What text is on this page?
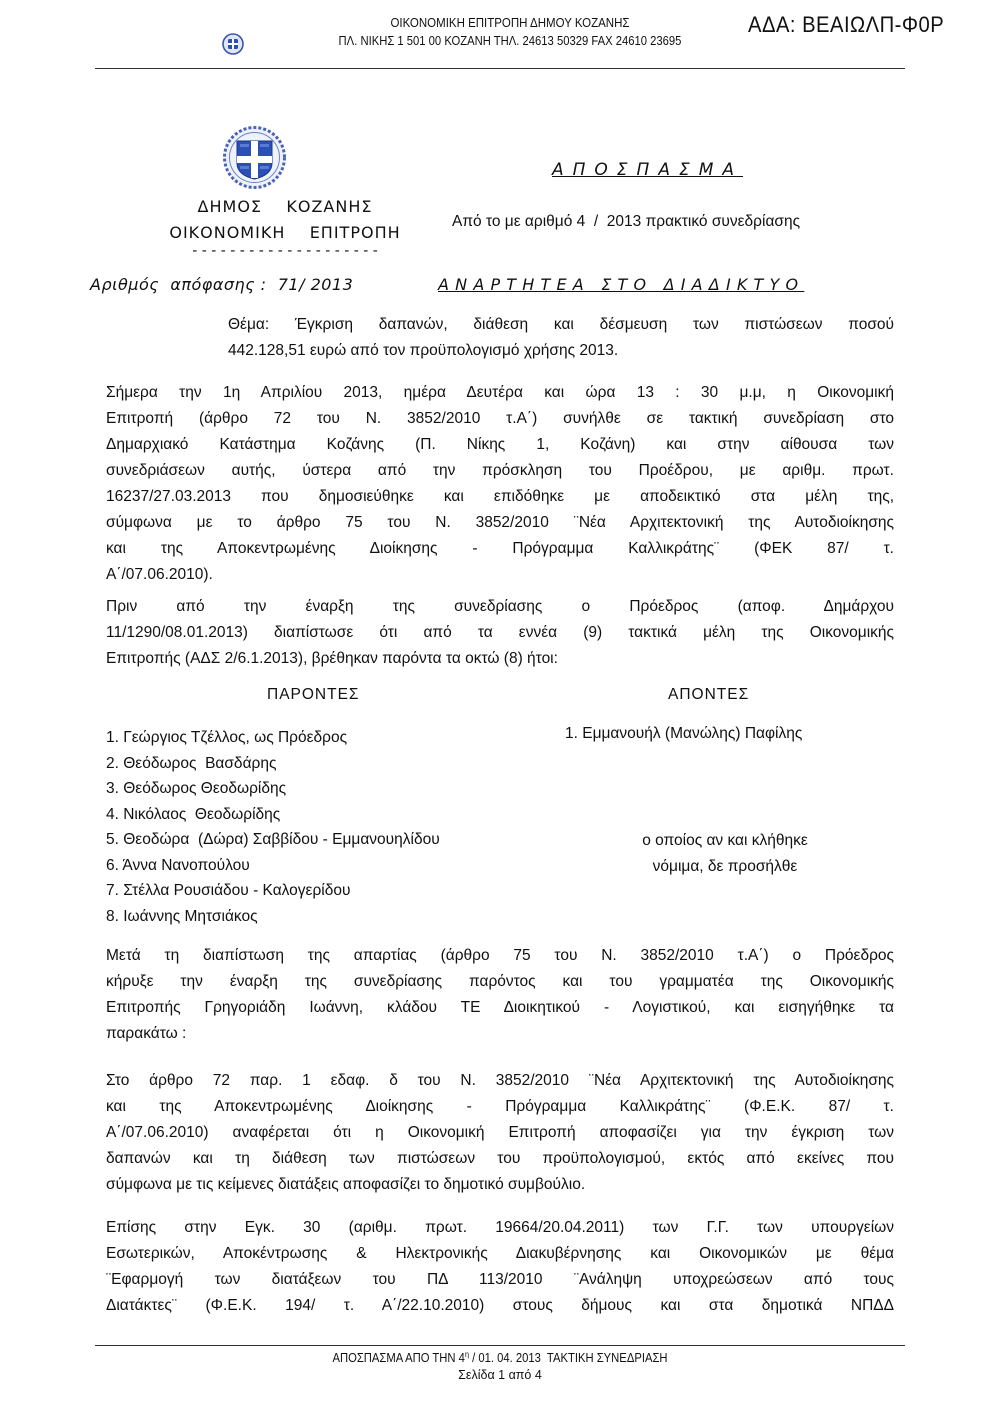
ΟΙΚΟΝΟΜΙΚΗ ΕΠΙΤΡΟΠΗ ΔΗΜΟΥ ΚΟΖΑΝΗΣ
ΠΛ. ΝΙΚΗΣ 1 501 00 ΚΟΖΑΝΗ ΤΗΛ. 24613 50329 FAX 24610 23695
ΑΔΑ: ΒΕΑΙΩΛΠ-Φ0Ρ
ΔΗΜΟΣ    ΚΟΖΑΝΗΣ
ΟΙΚΟΝΟΜΙΚΗ    ΕΠΙΤΡΟΠΗ
- - - - - - - - - - - - - - - - - - - -
Αριθμός  απόφασης :  71/ 2013
ΑΠΟΣΠΑΣΜΑ
Από το με αριθμό 4  /  2013 πρακτικό συνεδρίασης
ΑΝΑΡΤΗΤΕΑ ΣΤΟ ΔΙΑΔΙΚΤΥΟ
Θέμα: Έγκριση δαπανών, διάθεση και δέσμευση των πιστώσεων ποσού
442.128,51 ευρώ από τον προϋπολογισμό χρήσης 2013.
Σήμερα την 1η Απριλίου 2013, ημέρα Δευτέρα και ώρα 13 : 30 μ.μ, η Οικονομική
Επιτροπή (άρθρο 72 του Ν. 3852/2010 τ.Α΄) συνήλθε σε τακτική συνεδρίαση στο
Δημαρχιακό Κατάστημα Κοζάνης (Π. Νίκης 1, Κοζάνη) και στην αίθουσα των
συνεδριάσεων αυτής, ύστερα από την πρόσκληση του Προέδρου, με αριθμ. πρωτ.
16237/27.03.2013 που δημοσιεύθηκε και επιδόθηκε με αποδεικτικό στα μέλη της,
σύμφωνα με το άρθρο 75 του Ν. 3852/2010 ¨Νέα Αρχιτεκτονική της Αυτοδιοίκησης
και της Αποκεντρωμένης Διοίκησης - Πρόγραμμα Καλλικράτης¨ (ΦΕΚ 87/ τ.
Α΄/07.06.2010).
Πριν από την έναρξη της συνεδρίασης ο Πρόεδρος (αποφ. Δημάρχου
11/1290/08.01.2013) διαπίστωσε ότι από τα εννέα (9) τακτικά μέλη της Οικονομικής
Επιτροπής (ΑΔΣ 2/6.1.2013), βρέθηκαν παρόντα τα οκτώ (8) ήτοι:
ΠΑΡΟΝΤΕΣ	ΑΠΟΝΤΕΣ
1. Γεώργιος Τζέλλος, ως Πρόεδρος
2. Θεόδωρος  Βασδάρης
3. Θεόδωρος Θεοδωρίδης
4. Νικόλαος  Θεοδωρίδης
5. Θεοδώρα  (Δώρα) Σαββίδου - Εμμανουηλίδου
6. Άννα Νανοπούλου
7. Στέλλα Ρουσιάδου - Καλογερίδου
8. Ιωάννης Μητσιάκος
1. Εμμανουήλ (Μανώλης) Παφίλης
ο οποίος αν και κλήθηκε
νόμιμα, δε προσήλθε
Μετά τη διαπίστωση της απαρτίας (άρθρο 75 του Ν. 3852/2010 τ.Α΄) ο Πρόεδρος
κήρυξε την έναρξη της συνεδρίασης παρόντος και του γραμματέα της Οικονομικής
Επιτροπής Γρηγοριάδη Ιωάννη, κλάδου ΤΕ Διοικητικού - Λογιστικού, και εισηγήθηκε τα
παρακάτω :
Στο άρθρο 72 παρ. 1 εδαφ. δ του Ν. 3852/2010 ¨Νέα Αρχιτεκτονική της Αυτοδιοίκησης
και της Αποκεντρωμένης Διοίκησης - Πρόγραμμα Καλλικράτης¨ (Φ.Ε.Κ. 87/ τ.
Α΄/07.06.2010) αναφέρεται ότι η Οικονομική Επιτροπή αποφασίζει για την έγκριση των
δαπανών και τη διάθεση των πιστώσεων του προϋπολογισμού, εκτός από εκείνες που
σύμφωνα με τις κείμενες διατάξεις αποφασίζει το δημοτικό συμβούλιο.
Επίσης στην Εγκ. 30 (αριθμ. πρωτ. 19664/20.04.2011) των Γ.Γ. των υπουργείων
Εσωτερικών, Αποκέντρωσης & Ηλεκτρονικής Διακυβέρνησης και Οικονομικών με θέμα
¨Εφαρμογή των διατάξεων του ΠΔ 113/2010 ¨Ανάληψη υποχρεώσεων από τους
Διατάκτες¨ (Φ.Ε.Κ. 194/ τ. Α΄/22.10.2010) στους δήμους και στα δημοτικά ΝΠΔΔ
ΑΠΟΣΠΑΣΜΑ ΑΠΟ ΤΗΝ $4^\eta / 01$. 04. 2013  ΤΑΚΤΙΚΗ ΣΥΝΕΔΡΙΑΣΗ
Σελίδα 1 από 4
